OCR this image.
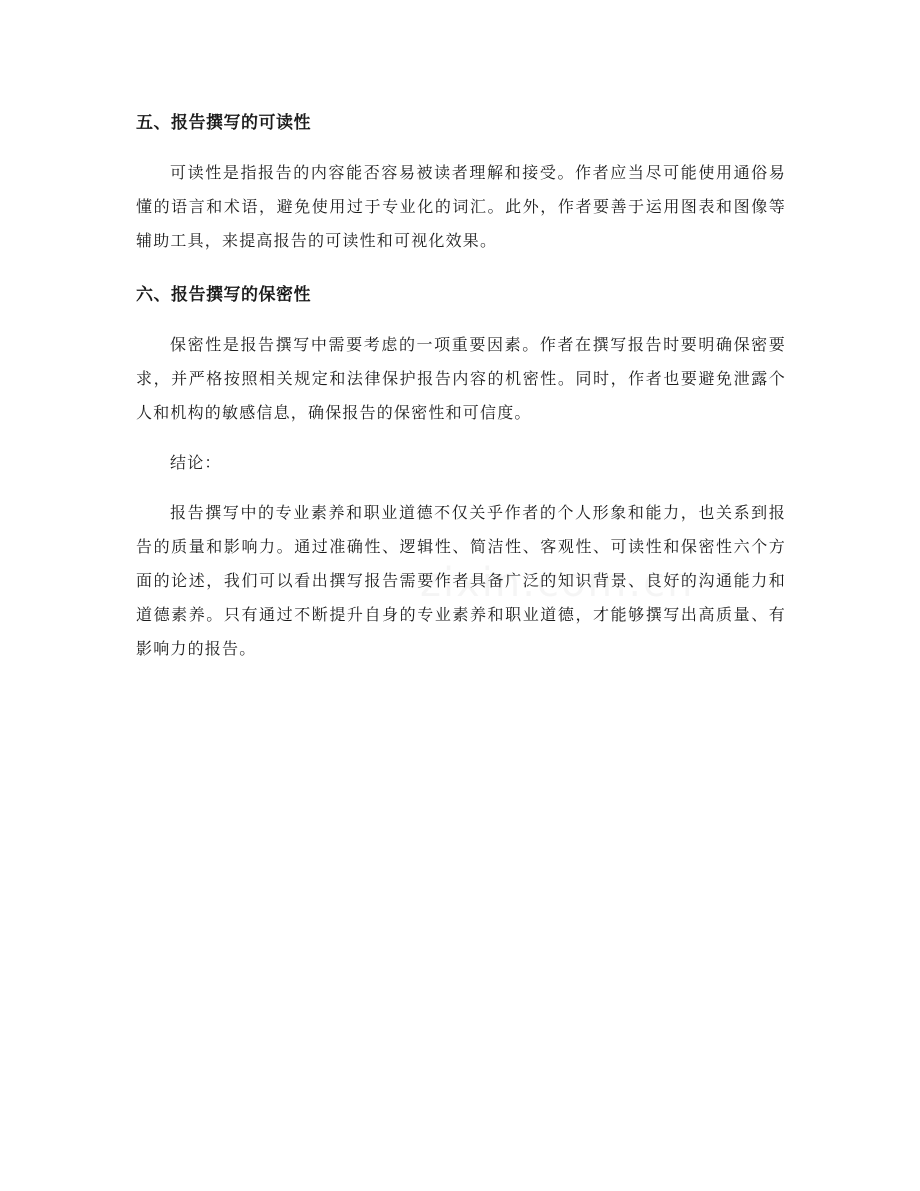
五、报告撰写的可读性

可读性是指报告的内容能否容易被读者理解和接受。作者应当尽可能使用通俗易懂的语言和术语，避免使用过于专业化的词汇。此外，作者要善于运用图表和图像等辅助工具，来提高报告的可读性和可视化效果。

六、报告撰写的保密性

保密性是报告撰写中需要考虑的一项重要因素。作者在撰写报告时要明确保密要求，并严格按照相关规定和法律保护报告内容的机密性。同时，作者也要避免泄露个人和机构的敏感信息，确保报告的保密性和可信度。

结论：

报告撰写中的专业素养和职业道德不仅关乎作者的个人形象和能力，也关系到报告的质量和影响力。通过准确性、逻辑性、简洁性、客观性、可读性和保密性六个方面的论述，我们可以看出撰写报告需要作者具备广泛的知识背景、良好的沟通能力和道德素养。只有通过不断提升自身的专业素养和职业道德，才能够撰写出高质量、有影响力的报告。
